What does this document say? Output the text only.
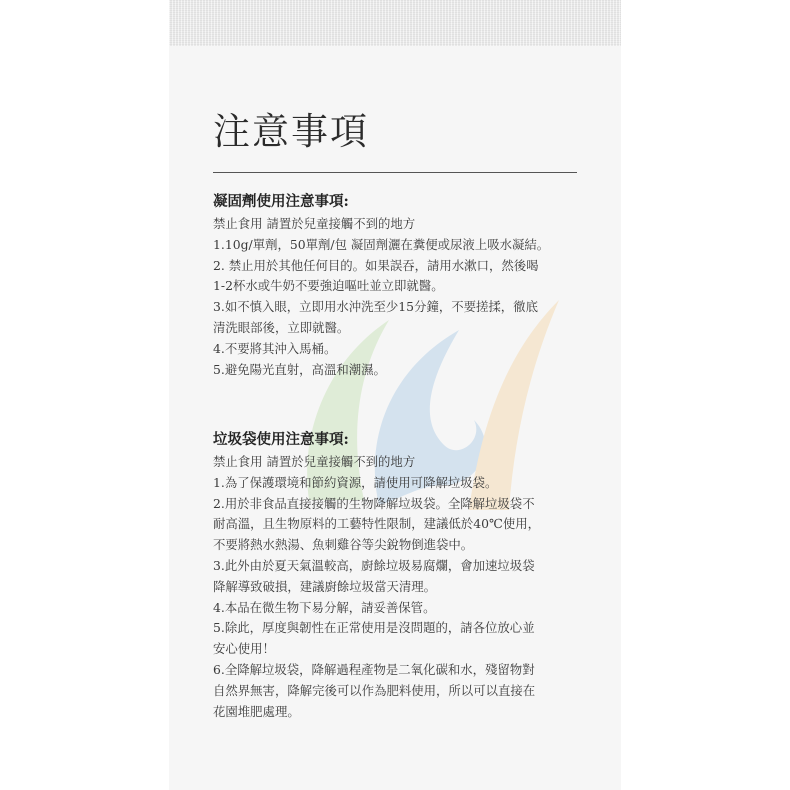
注意事項
凝固劑使用注意事項:
禁止食用 請置於兒童接觸不到的地方
1.10g/單劑，50單劑/包 凝固劑灑在糞便或尿液上吸水凝結。
2. 禁止用於其他任何目的。如果誤吞，請用水漱口，然後喝
1-2杯水或牛奶不要強迫嘔吐並立即就醫。
3.如不慎入眼，立即用水沖洗至少15分鐘，不要搓揉，徹底
清洗眼部後，立即就醫。
4.不要將其沖入馬桶。
5.避免陽光直射，高溫和潮濕。
垃圾袋使用注意事項:
禁止食用 請置於兒童接觸不到的地方
1.為了保護環境和節約資源，請使用可降解垃圾袋。
2.用於非食品直接接觸的生物降解垃圾袋。全降解垃圾袋不
耐高溫，且生物原料的工藝特性限制，建議低於40℃使用，
不要將熱水熱湯、魚刺雞谷等尖銳物倒進袋中。
3.此外由於夏天氣溫較高，廚餘垃圾易腐爛，會加速垃圾袋
降解導致破損，建議廚餘垃圾當天清理。
4.本品在微生物下易分解，請妥善保管。
5.除此，厚度與韌性在正常使用是沒問題的，請各位放心並
安心使用！
6.全降解垃圾袋，降解過程產物是二氧化碳和水，殘留物對
自然界無害，降解完後可以作為肥料使用，所以可以直接在
花園堆肥處理。
